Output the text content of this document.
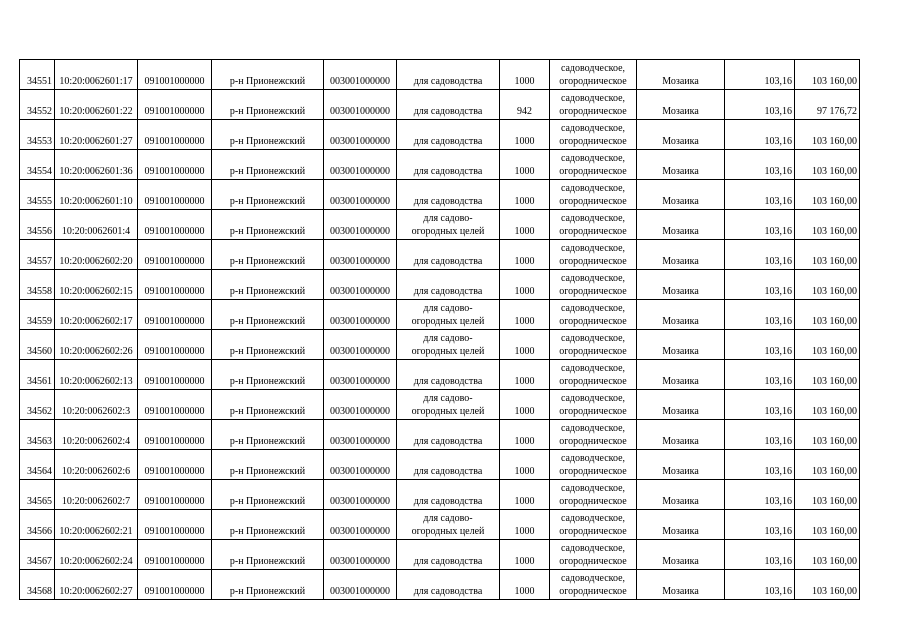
34551	10:20:0062601:17	091001000000	р-н Прионежский	003001000000	для садоводства	1000	садоводческое,
огородническое	Мозаика	103,16	103 160,00
34552	10:20:0062601:22	091001000000	р-н Прионежский	003001000000	для садоводства	942	садоводческое,
огородническое	Мозаика	103,16	97 176,72
34553	10:20:0062601:27	091001000000	р-н Прионежский	003001000000	для садоводства	1000	садоводческое,
огородническое	Мозаика	103,16	103 160,00
34554	10:20:0062601:36	091001000000	р-н Прионежский	003001000000	для садоводства	1000	садоводческое,
огородническое	Мозаика	103,16	103 160,00
34555	10:20:0062601:10	091001000000	р-н Прионежский	003001000000	для садоводства	1000	садоводческое,
огородническое	Мозаика	103,16	103 160,00
34556	10:20:0062601:4	091001000000	р-н Прионежский	003001000000	для садово-
огородных целей	1000	садоводческое,
огородническое	Мозаика	103,16	103 160,00
34557	10:20:0062602:20	091001000000	р-н Прионежский	003001000000	для садоводства	1000	садоводческое,
огородническое	Мозаика	103,16	103 160,00
34558	10:20:0062602:15	091001000000	р-н Прионежский	003001000000	для садоводства	1000	садоводческое,
огородническое	Мозаика	103,16	103 160,00
34559	10:20:0062602:17	091001000000	р-н Прионежский	003001000000	для садово-
огородных целей	1000	садоводческое,
огородническое	Мозаика	103,16	103 160,00
34560	10:20:0062602:26	091001000000	р-н Прионежский	003001000000	для садово-
огородных целей	1000	садоводческое,
огородническое	Мозаика	103,16	103 160,00
34561	10:20:0062602:13	091001000000	р-н Прионежский	003001000000	для садоводства	1000	садоводческое,
огородническое	Мозаика	103,16	103 160,00
34562	10:20:0062602:3	091001000000	р-н Прионежский	003001000000	для садово-
огородных целей	1000	садоводческое,
огородническое	Мозаика	103,16	103 160,00
34563	10:20:0062602:4	091001000000	р-н Прионежский	003001000000	для садоводства	1000	садоводческое,
огородническое	Мозаика	103,16	103 160,00
34564	10:20:0062602:6	091001000000	р-н Прионежский	003001000000	для садоводства	1000	садоводческое,
огородническое	Мозаика	103,16	103 160,00
34565	10:20:0062602:7	091001000000	р-н Прионежский	003001000000	для садоводства	1000	садоводческое,
огородническое	Мозаика	103,16	103 160,00
34566	10:20:0062602:21	091001000000	р-н Прионежский	003001000000	для садово-
огородных целей	1000	садоводческое,
огородническое	Мозаика	103,16	103 160,00
34567	10:20:0062602:24	091001000000	р-н Прионежский	003001000000	для садоводства	1000	садоводческое,
огородническое	Мозаика	103,16	103 160,00
34568	10:20:0062602:27	091001000000	р-н Прионежский	003001000000	для садоводства	1000	садоводческое,
огородническое	Мозаика	103,16	103 160,00
